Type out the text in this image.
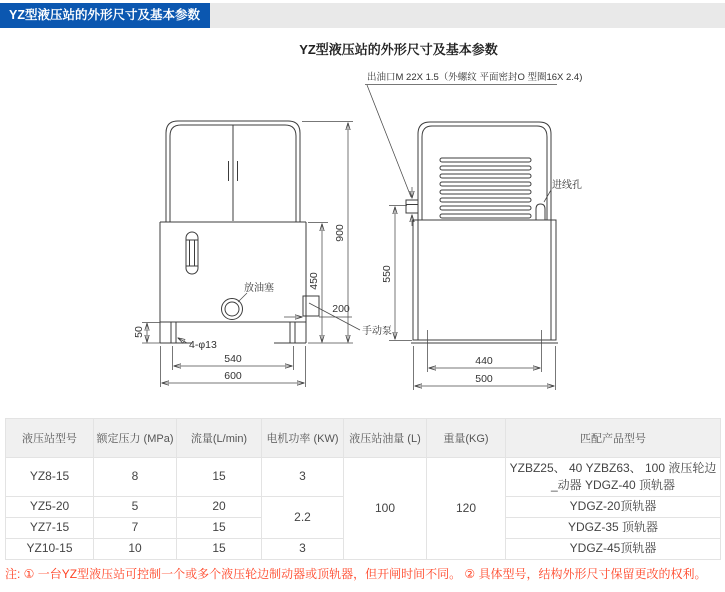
YZ型液压站的外形尺寸及基本参数
YZ型液压站的外形尺寸及基本参数
放油塞
200
手动泵
900
450
50
4-φ13
540
600
出油口M 22X 1.5（外螺纹 平面密封O 型圈16X 2.4)
进线孔
550
440
500
液压站型号	额定压力 (MPa)	流量(L/min)	电机功率 (KW)	液压站油量 (L)	重量(KG)	匹配产品型号
YZ8-15	8	15	3	100	120	YZBZ25、 40 YZBZ63、 100 液压轮边_动器 YDGZ-40 顶轨器
YZ5-20	5	20	2.2			YDGZ-20顶轨器
YZ7-15	7	15				YDGZ-35 顶轨器
YZ10-15	10	15	3			YDGZ-45顶轨器
注: ① 一台YZ型液压站可控制一个或多个液压轮边制动器或顶轨器，但开闸时间不同。 ② 具体型号，结构外形尺寸保留更改的权利。
